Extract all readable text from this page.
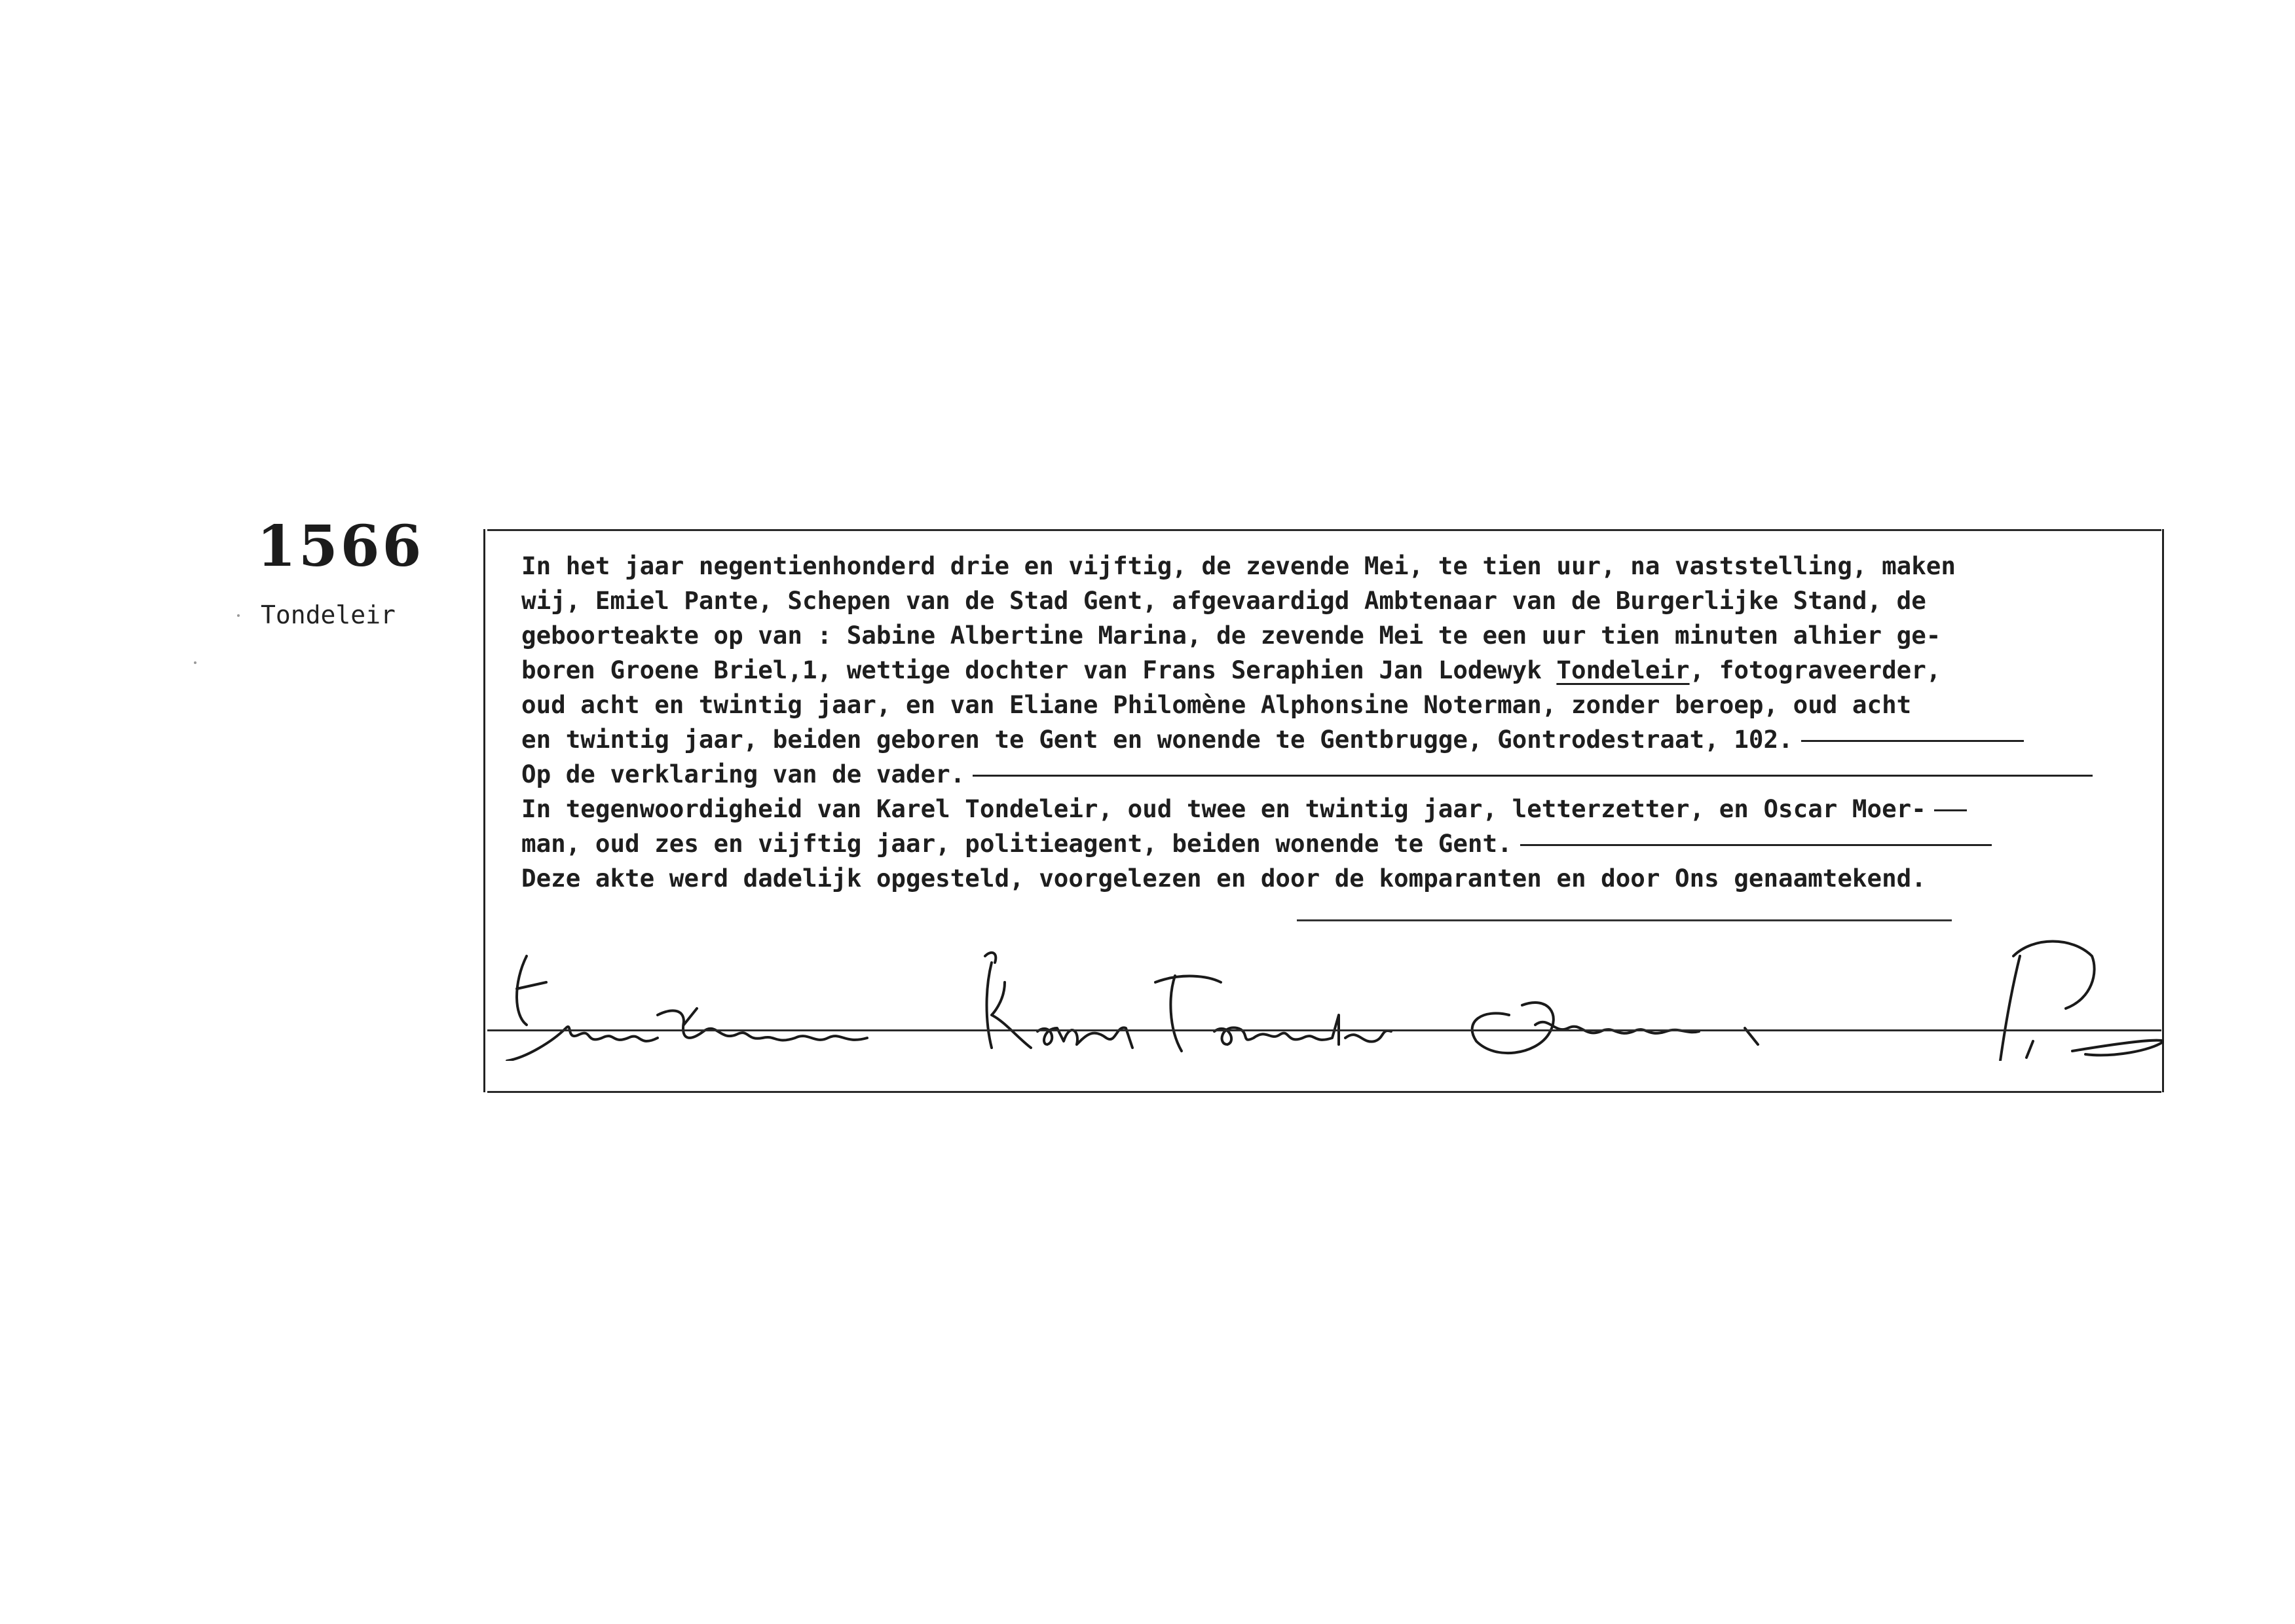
1566
Tondeleir
In het jaar negentienhonderd drie en vijftig, de zevende Mei, te tien uur, na vaststelling, maken
wij, Emiel Pante, Schepen van de Stad Gent, afgevaardigd Ambtenaar van de Burgerlijke Stand, de
geboorteakte op van : Sabine Albertine Marina, de zevende Mei te een uur tien minuten alhier ge-
boren Groene Briel,1, wettige dochter van Frans Seraphien Jan Lodewyk Tondeleir, fotograveerder,
oud acht en twintig jaar, en van Eliane Philomène Alphonsine Noterman, zonder beroep, oud acht
en twintig jaar, beiden geboren te Gent en wonende te Gentbrugge, Gontrodestraat, 102.
Op de verklaring van de vader.
In tegenwoordigheid van Karel Tondeleir, oud twee en twintig jaar, letterzetter, en Oscar Moer-
man, oud zes en vijftig jaar, politieagent, beiden wonende te Gent.
Deze akte werd dadelijk opgesteld, voorgelezen en door de komparanten en door Ons genaamtekend.
